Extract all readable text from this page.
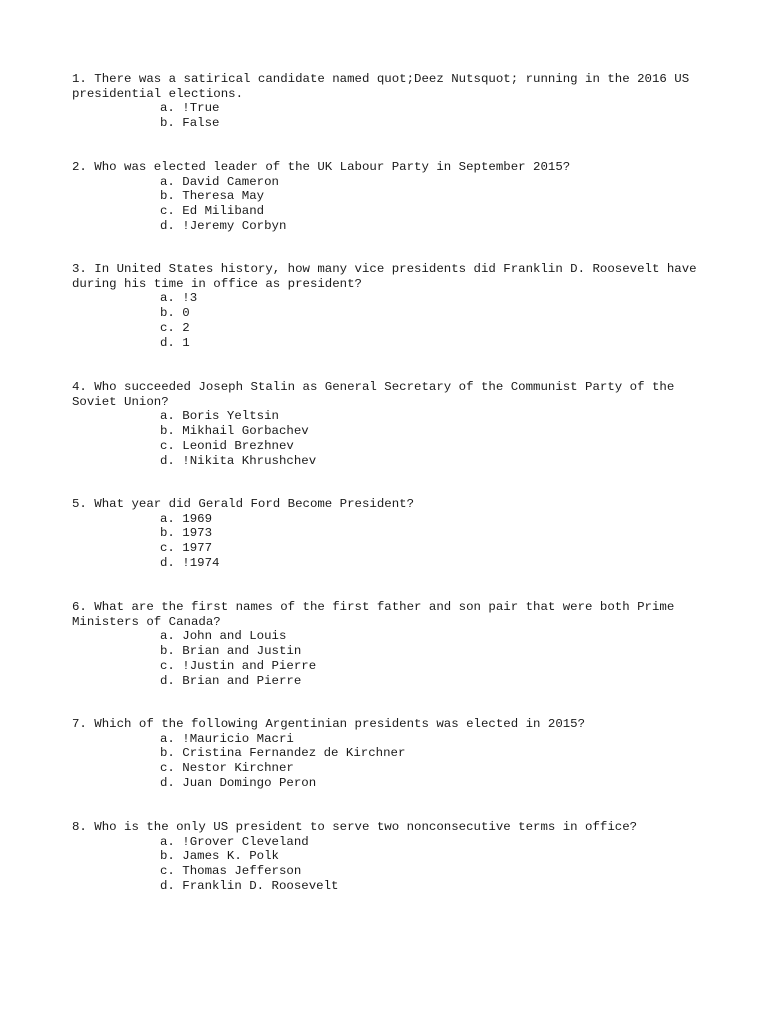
1. There was a satirical candidate named quot;Deez Nutsquot; running in the 2016 US presidential elections.

a. !True
b. False

2. Who was elected leader of the UK Labour Party in September 2015?

a. David Cameron
b. Theresa May
c. Ed Miliband
d. !Jeremy Corbyn

3. In United States history, how many vice presidents did Franklin D. Roosevelt have during his time in office as president?

a. !3
b. 0
c. 2
d. 1

4. Who succeeded Joseph Stalin as General Secretary of the Communist Party of the Soviet Union?

a. Boris Yeltsin
b. Mikhail Gorbachev
c. Leonid Brezhnev
d. !Nikita Khrushchev

5. What year did Gerald Ford Become President?

a. 1969
b. 1973
c. 1977
d. !1974

6. What are the first names of the first father and son pair that were both Prime Ministers of Canada?

a. John and Louis
b. Brian and Justin
c. !Justin and Pierre
d. Brian and Pierre

7. Which of the following Argentinian presidents was elected in 2015?

a. !Mauricio Macri
b. Cristina Fernandez de Kirchner
c. Nestor Kirchner
d. Juan Domingo Peron

8. Who is the only US president to serve two nonconsecutive terms in office?

a. !Grover Cleveland
b. James K. Polk
c. Thomas Jefferson
d. Franklin D. Roosevelt
